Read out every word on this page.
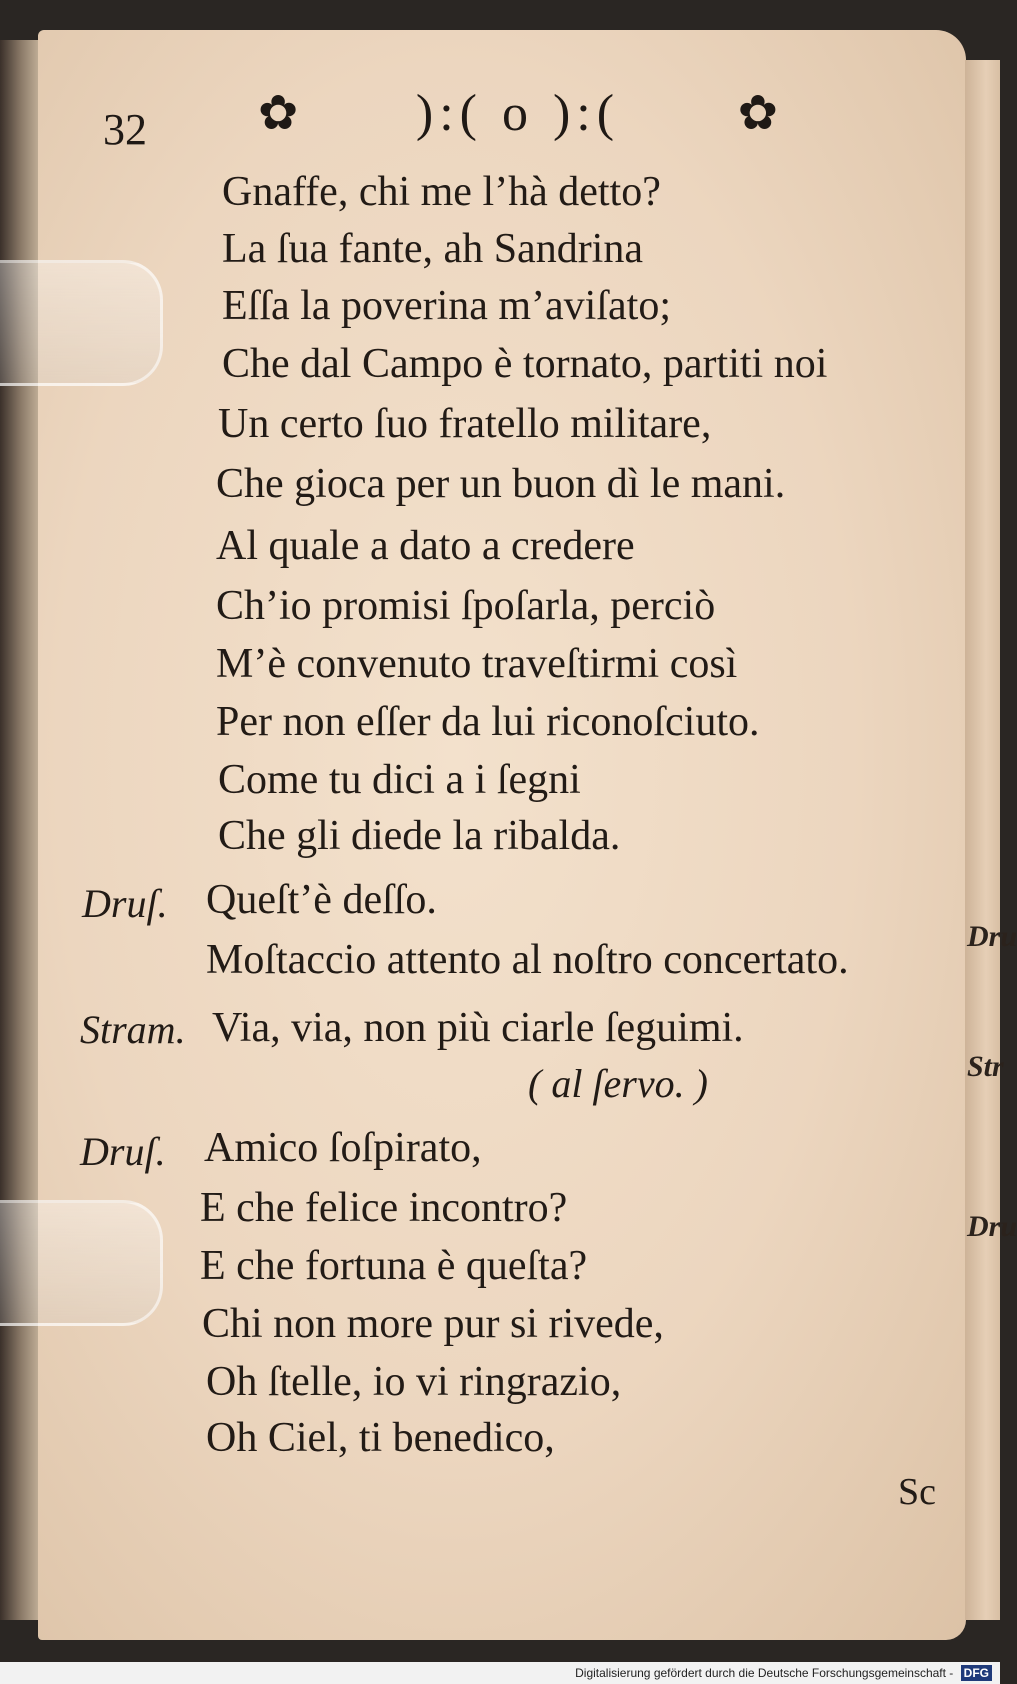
Dru
Str
Dru
32 ✿ ):( o ):( ✿
Gnaffe, chi me l’hà detto?
La ſua fante, ah Sandrina
Eſſa la poverina m’aviſato;
Che dal Campo è tornato, partiti noi
Un certo ſuo fratello militare,
Che gioca per un buon dì le mani.
Al quale a dato a credere
Ch’io promisi ſpoſarla, perciò
M’è convenuto traveſtirmi così
Per non eſſer da lui riconoſciuto.
Come tu dici a i ſegni
Che gli diede la ribalda.
Druſ. Queſt’è deſſo.
Moſtaccio attento al noſtro concertato.
Stram. Via, via, non più ciarle ſeguimi.
( al ſervo. )
Druſ. Amico ſoſpirato,
E che felice incontro?
E che fortuna è queſta?
Chi non more pur si rivede,
Oh ſtelle, io vi ringrazio,
Oh Ciel, ti benedico,
Sc
Digitalisierung gefördert durch die Deutsche Forschungsgemeinschaft - DFG
